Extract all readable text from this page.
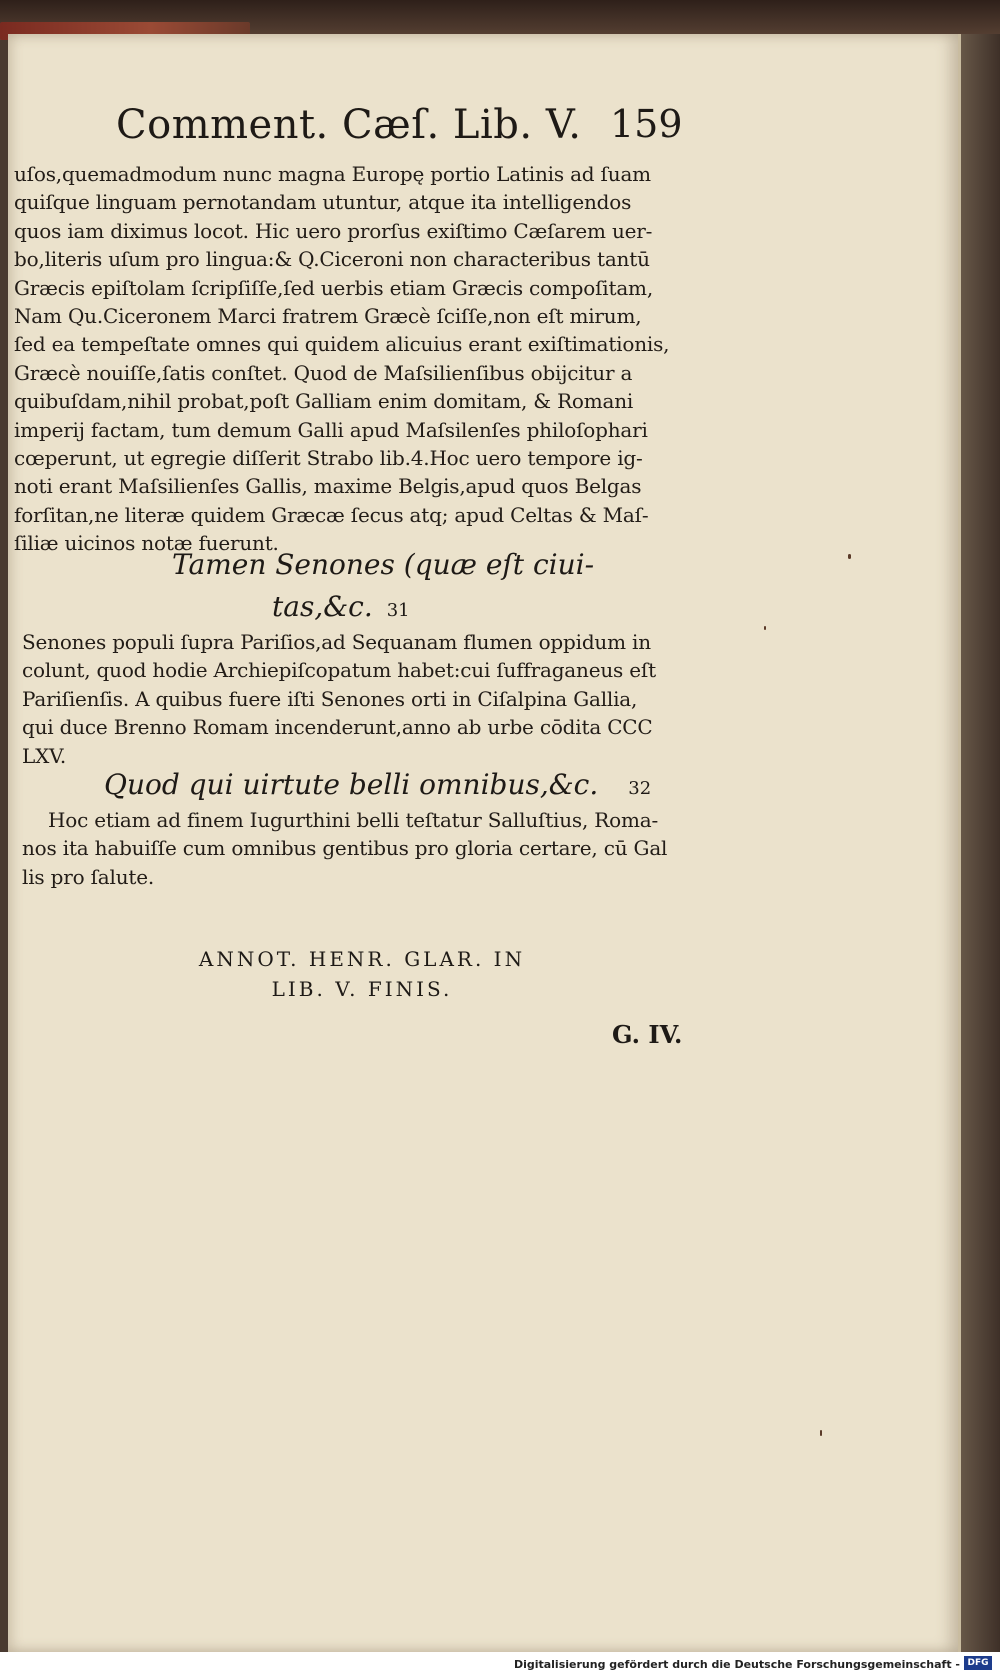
Comment. Cæſ. Lib. V. 159
uſos,quemadmodum nunc magna Europę portio Latinis ad ſuam
quiſque linguam pernotandam utuntur, atque ita intelligendos
quos iam diximus locot. Hic uero prorſus exiſtimo Cæſarem uer-
bo,literis uſum pro lingua:& Q.Ciceroni non characteribus tantū
Græcis epiſtolam ſcripſiſſe,ſed uerbis etiam Græcis compoſitam,
Nam Qu.Ciceronem Marci fratrem Græcè ſciſſe,non eſt mirum,
ſed ea tempeſtate omnes qui quidem alicuius erant exiſtimationis,
Græcè nouiſſe,ſatis conſtet. Quod de Maſsilienſibus obijcitur a
quibuſdam,nihil probat,poſt Galliam enim domitam, & Romani
imperij factam, tum demum Galli apud Maſsilenſes philoſophari
cœperunt, ut egregie diſſerit Strabo lib.4.Hoc uero tempore ig-
noti erant Maſsilienſes Gallis, maxime Belgis,apud quos Belgas
forſitan,ne literæ quidem Græcæ ſecus atq; apud Celtas & Maſ-
ſiliæ uicinos notæ fuerunt.
Tamen Senones (quæ eſt ciui-
tas,&c. 31
Senones populi ſupra Pariſios,ad Sequanam flumen oppidum in
colunt, quod hodie Archiepiſcopatum habet:cui ſuffraganeus eſt
Pariſienſis. A quibus fuere iſti Senones orti in Ciſalpina Gallia,
qui duce Brenno Romam incenderunt,anno ab urbe cōdita CCC
LXV.
Quod qui uirtute belli omnibus,&c. 32
Hoc etiam ad finem Iugurthini belli teſtatur Salluſtius, Roma-
nos ita habuiſſe cum omnibus gentibus pro gloria certare, cū Gal
lis pro ſalute.
ANNOT. HENR. GLAR. IN
LIB. V. FINIS.
G. IV.
Digitalisierung gefördert durch die Deutsche Forschungsgemeinschaft - DFG
